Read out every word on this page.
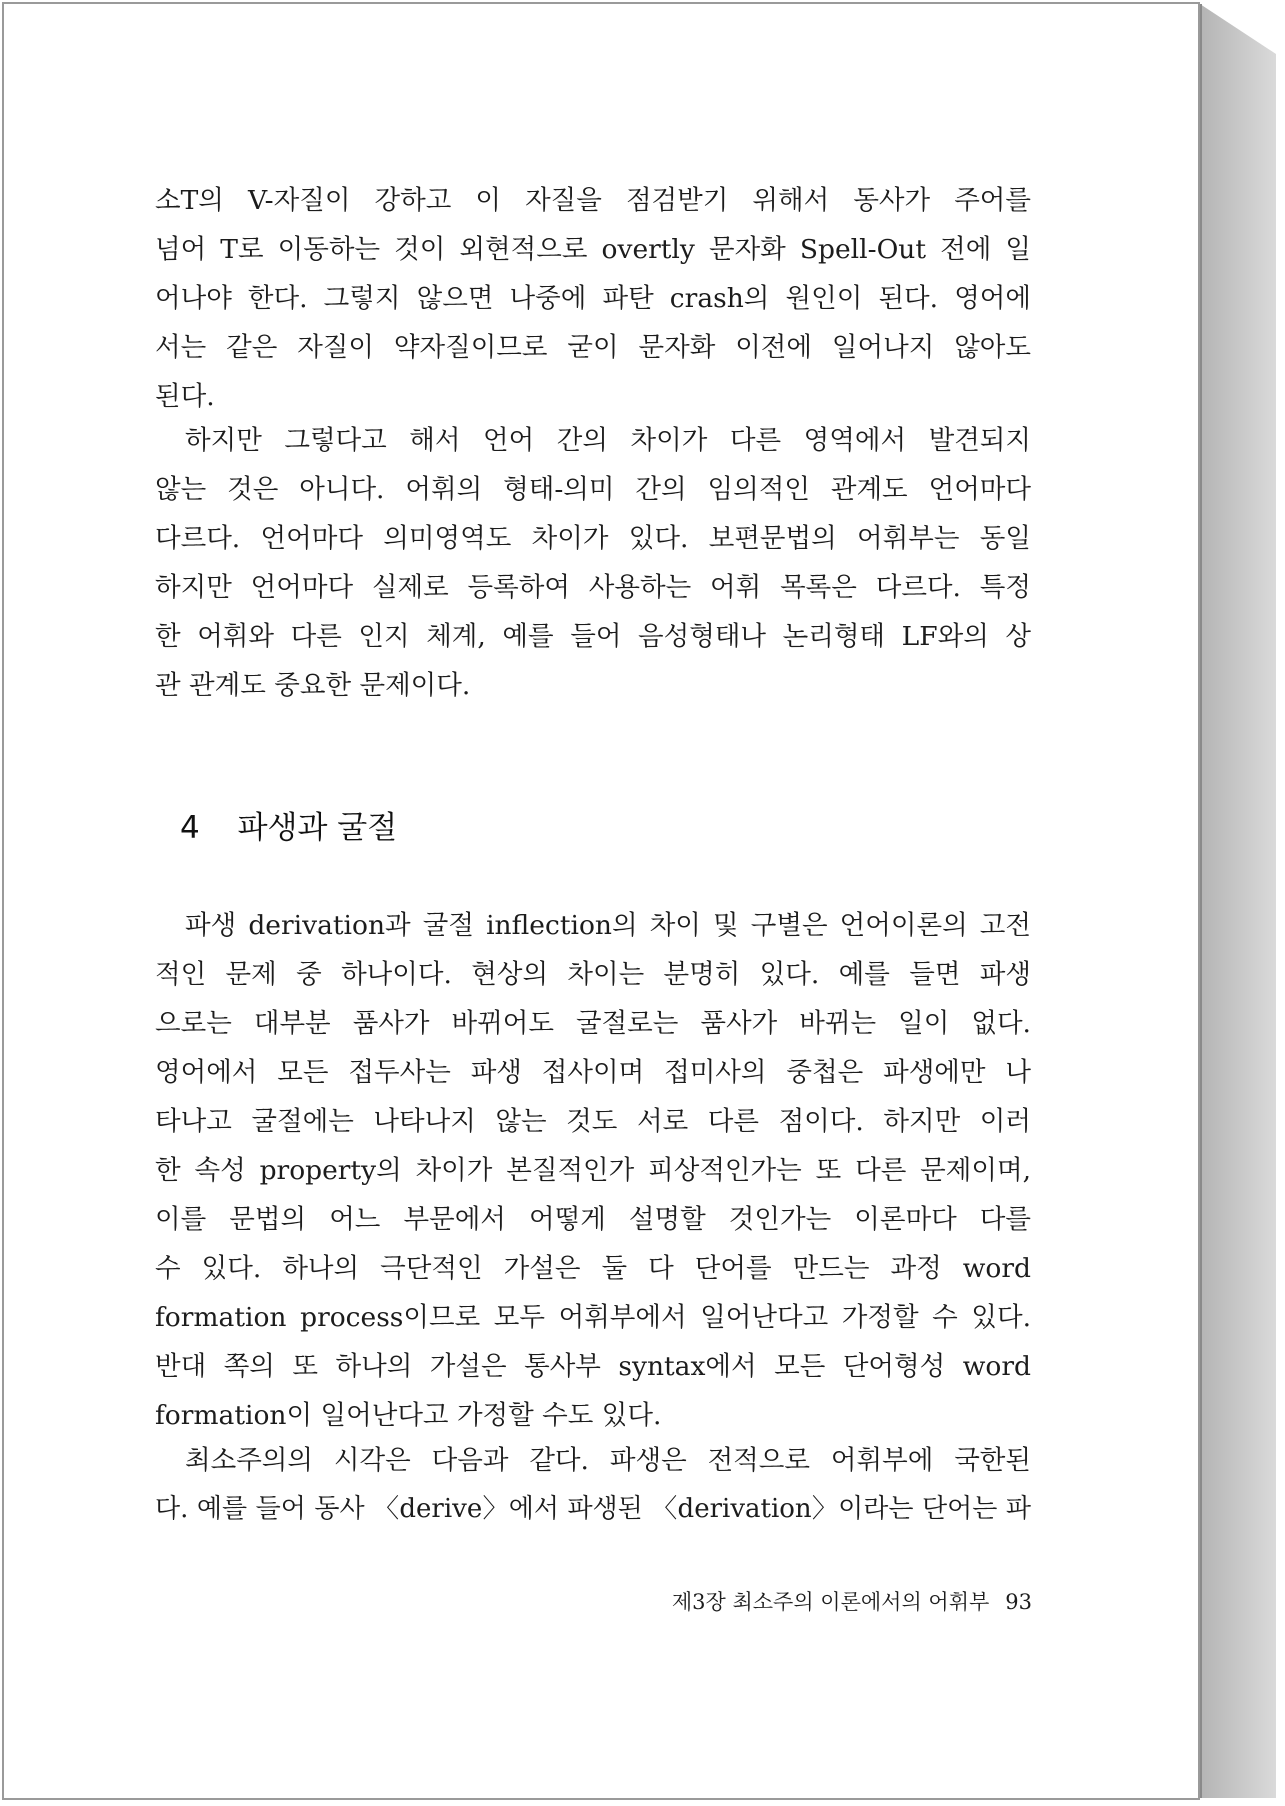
소T의 V-자질이 강하고 이 자질을 점검받기 위해서 동사가 주어를
넘어 T로 이동하는 것이 외현적으로 overtly 문자화 Spell-Out 전에 일
어나야 한다. 그렇지 않으면 나중에 파탄 crash의 원인이 된다. 영어에
서는 같은 자질이 약자질이므로 굳이 문자화 이전에 일어나지 않아도
된다.
하지만 그렇다고 해서 언어 간의 차이가 다른 영역에서 발견되지
않는 것은 아니다. 어휘의 형태-의미 간의 임의적인 관계도 언어마다
다르다. 언어마다 의미영역도 차이가 있다. 보편문법의 어휘부는 동일
하지만 언어마다 실제로 등록하여 사용하는 어휘 목록은 다르다. 특정
한 어휘와 다른 인지 체계, 예를 들어 음성형태나 논리형태 LF와의 상
관 관계도 중요한 문제이다.
4 파생과 굴절
파생 derivation과 굴절 inflection의 차이 및 구별은 언어이론의 고전
적인 문제 중 하나이다. 현상의 차이는 분명히 있다. 예를 들면 파생
으로는 대부분 품사가 바뀌어도 굴절로는 품사가 바뀌는 일이 없다.
영어에서 모든 접두사는 파생 접사이며 접미사의 중첩은 파생에만 나
타나고 굴절에는 나타나지 않는 것도 서로 다른 점이다. 하지만 이러
한 속성 property의 차이가 본질적인가 피상적인가는 또 다른 문제이며,
이를 문법의 어느 부문에서 어떻게 설명할 것인가는 이론마다 다를
수 있다. 하나의 극단적인 가설은 둘 다 단어를 만드는 과정 word
formation process이므로 모두 어휘부에서 일어난다고 가정할 수 있다.
반대 쪽의 또 하나의 가설은 통사부 syntax에서 모든 단어형성 word
formation이 일어난다고 가정할 수도 있다.
최소주의의 시각은 다음과 같다. 파생은 전적으로 어휘부에 국한된
다. 예를 들어 동사 〈derive〉에서 파생된 〈derivation〉이라는 단어는 파
제3장 최소주의 이론에서의 어휘부 93
